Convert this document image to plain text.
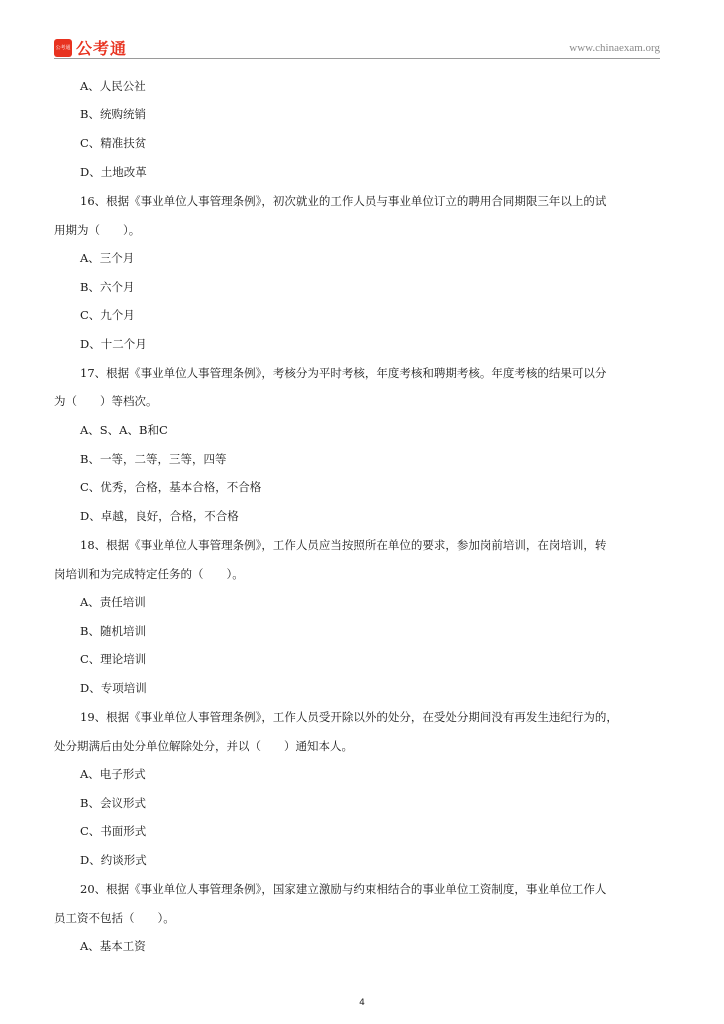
公考通 公考通	www.chinaexam.org
A、人民公社
B、统购统销
C、精准扶贫
D、土地改革
16、根据《事业单位人事管理条例》，初次就业的工作人员与事业单位订立的聘用合同期限三年以上的试
用期为（　　）。
A、三个月
B、六个月
C、九个月
D、十二个月
17、根据《事业单位人事管理条例》，考核分为平时考核，年度考核和聘期考核。年度考核的结果可以分
为（　　）等档次。
A、S、A、B和C
B、一等，二等，三等，四等
C、优秀，合格，基本合格，不合格
D、卓越，良好，合格，不合格
18、根据《事业单位人事管理条例》，工作人员应当按照所在单位的要求，参加岗前培训，在岗培训，转
岗培训和为完成特定任务的（　　）。
A、责任培训
B、随机培训
C、理论培训
D、专项培训
19、根据《事业单位人事管理条例》，工作人员受开除以外的处分，在受处分期间没有再发生违纪行为的，
处分期满后由处分单位解除处分，并以（　　）通知本人。
A、电子形式
B、会议形式
C、书面形式
D、约谈形式
20、根据《事业单位人事管理条例》，国家建立激励与约束相结合的事业单位工资制度，事业单位工作人
员工资不包括（　　）。
A、基本工资
4
